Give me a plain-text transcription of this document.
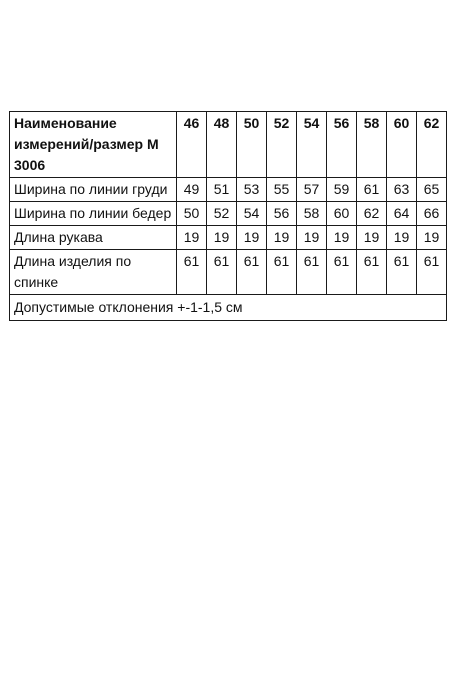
Наименование измерений/размер М 3006	46	48	50	52	54	56	58	60	62
Ширина по линии груди	49	51	53	55	57	59	61	63	65
Ширина по линии бедер	50	52	54	56	58	60	62	64	66
Длина рукава	19	19	19	19	19	19	19	19	19
Длина изделия по спинке	61	61	61	61	61	61	61	61	61
Допустимые отклонения +-1-1,5 см									
